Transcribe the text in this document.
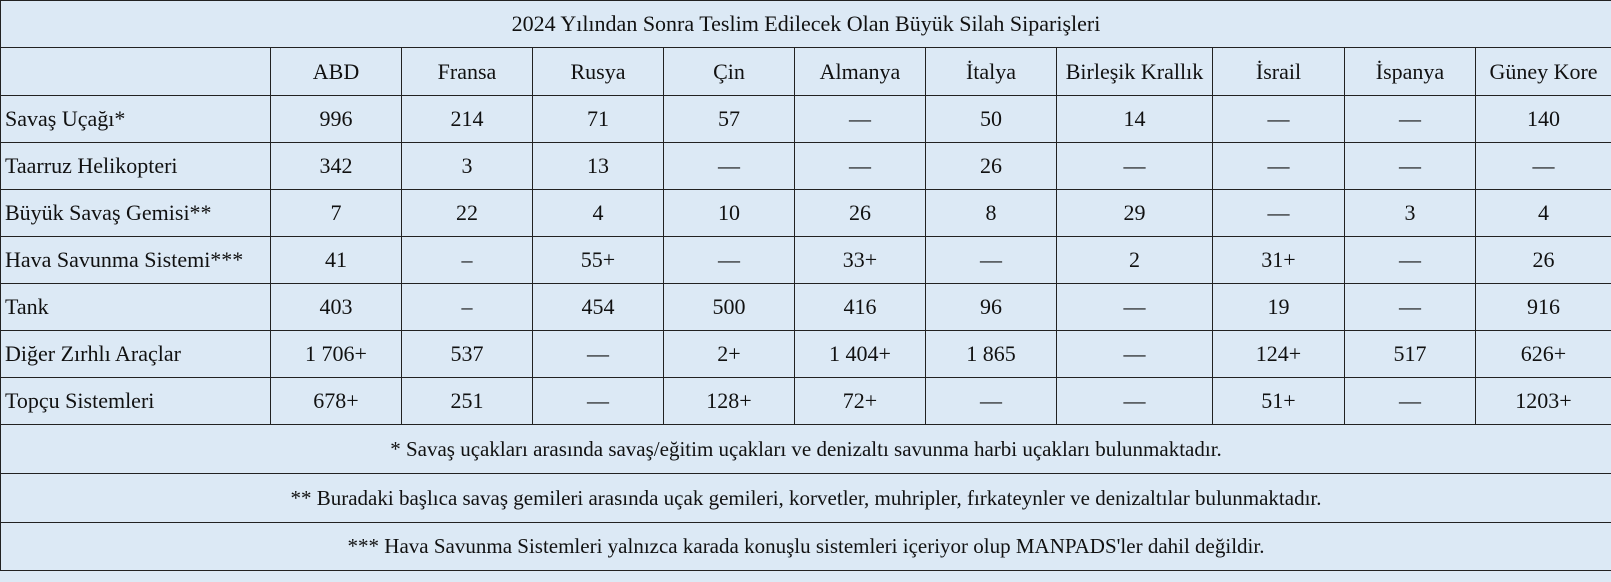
2024 Yılından Sonra Teslim Edilecek Olan Büyük Silah Siparişleri										
	ABD	Fransa	Rusya	Çin	Almanya	İtalya	Birleşik Krallık	İsrail	İspanya	Güney Kore
Savaş Uçağı*	996	214	71	57	—	50	14	—	—	140
Taarruz Helikopteri	342	3	13	—	—	26	—	—	—	—
Büyük Savaş Gemisi**	7	22	4	10	26	8	29	—	3	4
Hava Savunma Sistemi***	41	–	55+	—	33+	—	2	31+	—	26
Tank	403	–	454	500	416	96	—	19	—	916
Diğer Zırhlı Araçlar	1 706+	537	—	2+	1 404+	1 865	—	124+	517	626+
Topçu Sistemleri	678+	251	—	128+	72+	—	—	51+	—	1203+
* Savaş uçakları arasında savaş/eğitim uçakları ve denizaltı savunma harbi uçakları bulunmaktadır.										
** Buradaki başlıca savaş gemileri arasında uçak gemileri, korvetler, muhripler, fırkateynler ve denizaltılar bulunmaktadır.										
*** Hava Savunma Sistemleri yalnızca karada konuşlu sistemleri içeriyor olup MANPADS'ler dahil değildir.										
